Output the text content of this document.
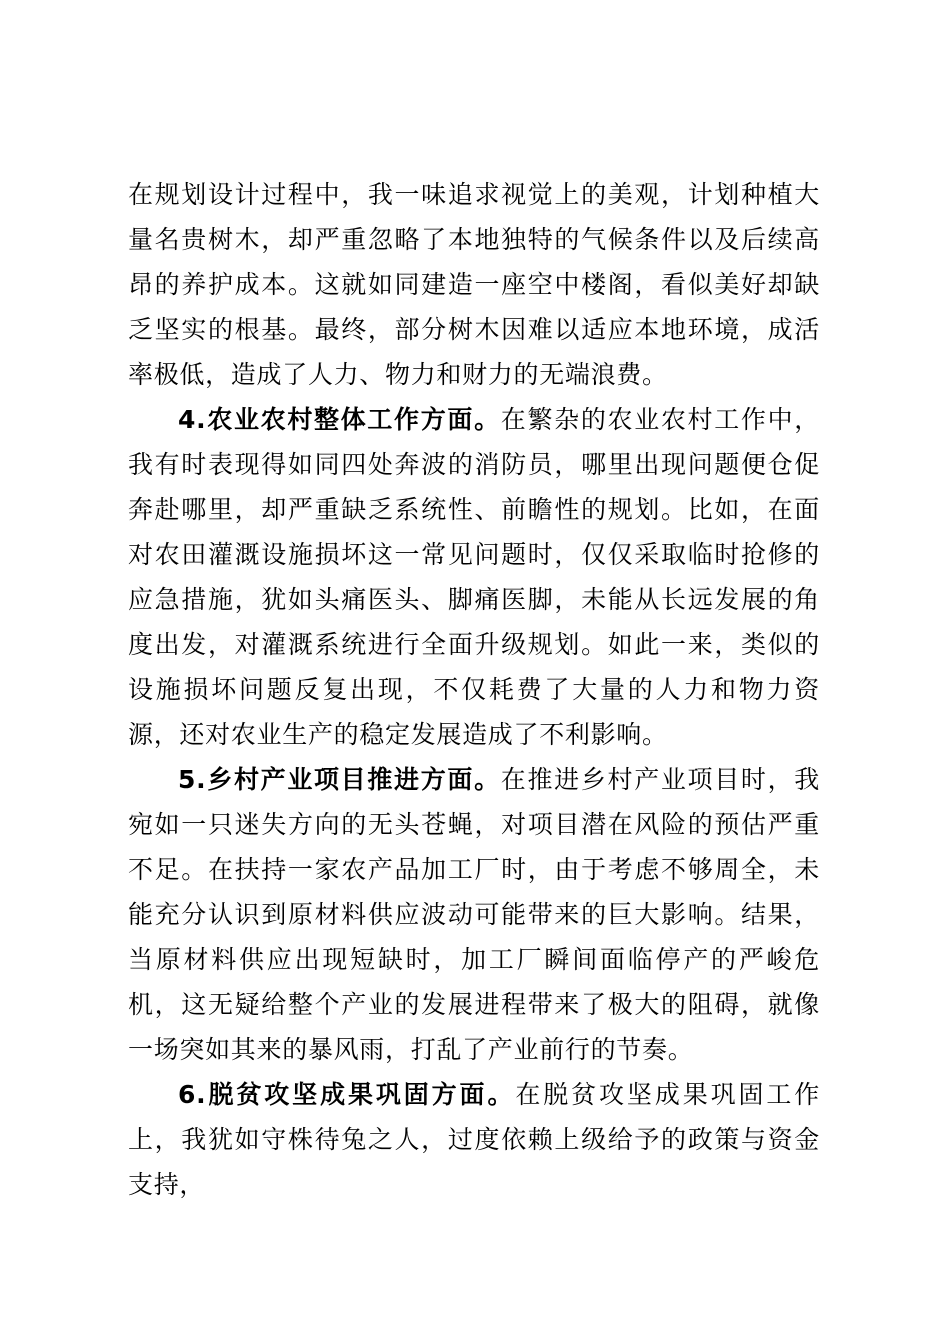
在规划设计过程中，我一味追求视觉上的美观，计划种植大量名贵树木，却严重忽略了本地独特的气候条件以及后续高昂的养护成本。这就如同建造一座空中楼阁，看似美好却缺乏坚实的根基。最终，部分树木因难以适应本地环境，成活率极低，造成了人力、物力和财力的无端浪费。

4.农业农村整体工作方面。在繁杂的农业农村工作中，我有时表现得如同四处奔波的消防员，哪里出现问题便仓促奔赴哪里，却严重缺乏系统性、前瞻性的规划。比如，在面对农田灌溉设施损坏这一常见问题时，仅仅采取临时抢修的应急措施，犹如头痛医头、脚痛医脚，未能从长远发展的角度出发，对灌溉系统进行全面升级规划。如此一来，类似的设施损坏问题反复出现，不仅耗费了大量的人力和物力资源，还对农业生产的稳定发展造成了不利影响。

5.乡村产业项目推进方面。在推进乡村产业项目时，我宛如一只迷失方向的无头苍蝇，对项目潜在风险的预估严重不足。在扶持一家农产品加工厂时，由于考虑不够周全，未能充分认识到原材料供应波动可能带来的巨大影响。结果，当原材料供应出现短缺时，加工厂瞬间面临停产的严峻危机，这无疑给整个产业的发展进程带来了极大的阻碍，就像一场突如其来的暴风雨，打乱了产业前行的节奏。

6.脱贫攻坚成果巩固方面。在脱贫攻坚成果巩固工作上，我犹如守株待兔之人，过度依赖上级给予的政策与资金支持，
